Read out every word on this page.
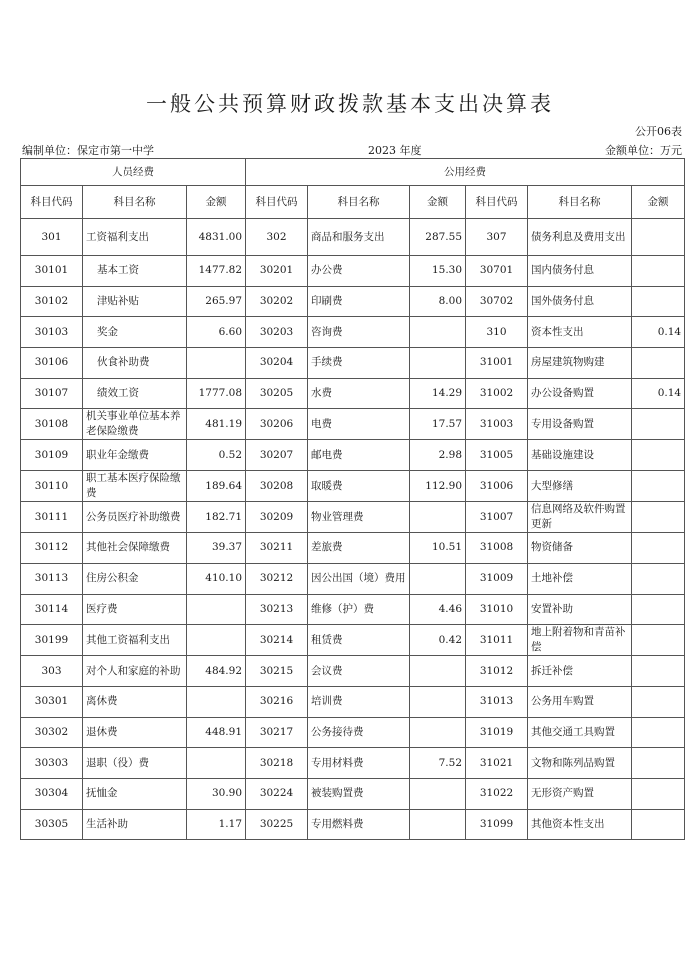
一般公共预算财政拨款基本支出决算表
公开06表
编制单位：保定市第一中学	2023 年度	金额单位：万元
人员经费			公用经费					
科目代码	科目名称	金额	科目代码	科目名称	金额	科目代码	科目名称	金额
301	工资福利支出	4831.00	302	商品和服务支出	287.55	307	债务利息及费用支出	
30101	基本工资	1477.82	30201	办公费	15.30	30701	国内债务付息	
30102	津贴补贴	265.97	30202	印刷费	8.00	30702	国外债务付息	
30103	奖金	6.60	30203	咨询费		310	资本性支出	0.14
30106	伙食补助费		30204	手续费		31001	房屋建筑物购建	
30107	绩效工资	1777.08	30205	水费	14.29	31002	办公设备购置	0.14
30108	机关事业单位基本养老保险缴费	481.19	30206	电费	17.57	31003	专用设备购置	
30109	职业年金缴费	0.52	30207	邮电费	2.98	31005	基础设施建设	
30110	职工基本医疗保险缴费	189.64	30208	取暖费	112.90	31006	大型修缮	
30111	公务员医疗补助缴费	182.71	30209	物业管理费		31007	信息网络及软件购置更新	
30112	其他社会保障缴费	39.37	30211	差旅费	10.51	31008	物资储备	
30113	住房公积金	410.10	30212	因公出国（境）费用		31009	土地补偿	
30114	医疗费		30213	维修（护）费	4.46	31010	安置补助	
30199	其他工资福利支出		30214	租赁费	0.42	31011	地上附着物和青苗补偿	
303	对个人和家庭的补助	484.92	30215	会议费		31012	拆迁补偿	
30301	离休费		30216	培训费		31013	公务用车购置	
30302	退休费	448.91	30217	公务接待费		31019	其他交通工具购置	
30303	退职（役）费		30218	专用材料费	7.52	31021	文物和陈列品购置	
30304	抚恤金	30.90	30224	被装购置费		31022	无形资产购置	
30305	生活补助	1.17	30225	专用燃料费		31099	其他资本性支出	
